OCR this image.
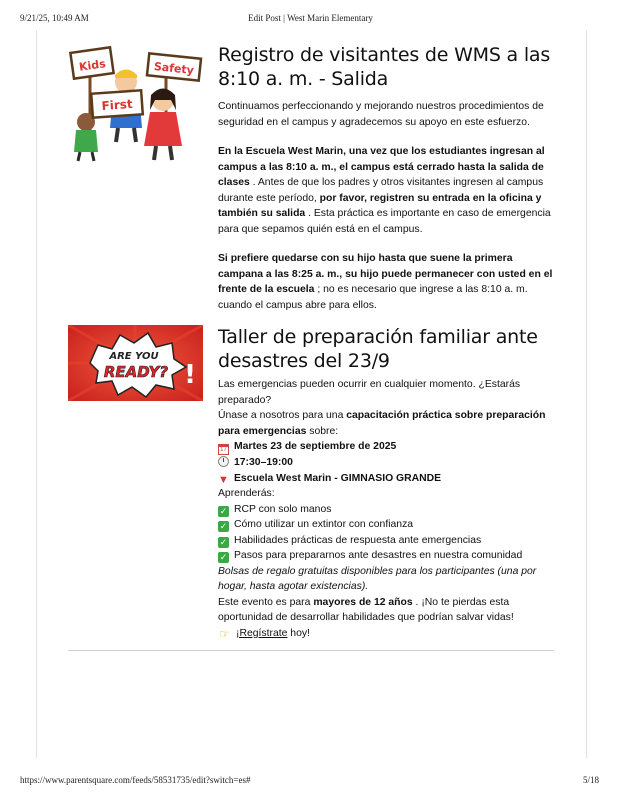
9/21/25, 10:49 AM	Edit Post | West Marin Elementary
Kids	Safety
First
Registro de visitantes de WMS a las 8:10 a. m. - Salida

Continuamos perfeccionando y mejorando nuestros procedimientos de seguridad en el campus y agradecemos su apoyo en este esfuerzo.

En la Escuela West Marin, una vez que los estudiantes ingresan al campus a las 8:10 a. m., el campus está cerrado hasta la salida de clases . Antes de que los padres y otros visitantes ingresen al campus durante este período, por favor, registren su entrada en la oficina y también su salida . Esta práctica es importante en caso de emergencia para que sepamos quién está en el campus.

Si prefiere quedarse con su hijo hasta que suene la primera campana a las 8:25 a. m., su hijo puede permanecer con usted en el frente de la escuela ; no es necesario que ingrese a las 8:10 a. m. cuando el campus abre para ellos.

ARE YOU
READY? !
Taller de preparación familiar ante desastres del 23/9

Las emergencias pueden ocurrir en cualquier momento. ¿Estarás preparado?

Únase a nosotros para una capacitación práctica sobre preparación para emergencias sobre:

17 Martes 23 de septiembre de 2025

17:30–19:00

▼ Escuela West Marin - GIMNASIO GRANDE

Aprenderás:

✓ RCP con solo manos

✓ Cómo utilizar un extintor con confianza

✓ Habilidades prácticas de respuesta ante emergencias

✓ Pasos para prepararnos ante desastres en nuestra comunidad

Bolsas de regalo gratuitas disponibles para los participantes (una por hogar, hasta agotar existencias).

Este evento es para mayores de 12 años . ¡No te pierdas esta oportunidad de desarrollar habilidades que podrían salvar vidas!

☞ ¡Regístrate hoy!

https://www.parentsquare.com/feeds/58531735/edit?switch=es#	5/18
